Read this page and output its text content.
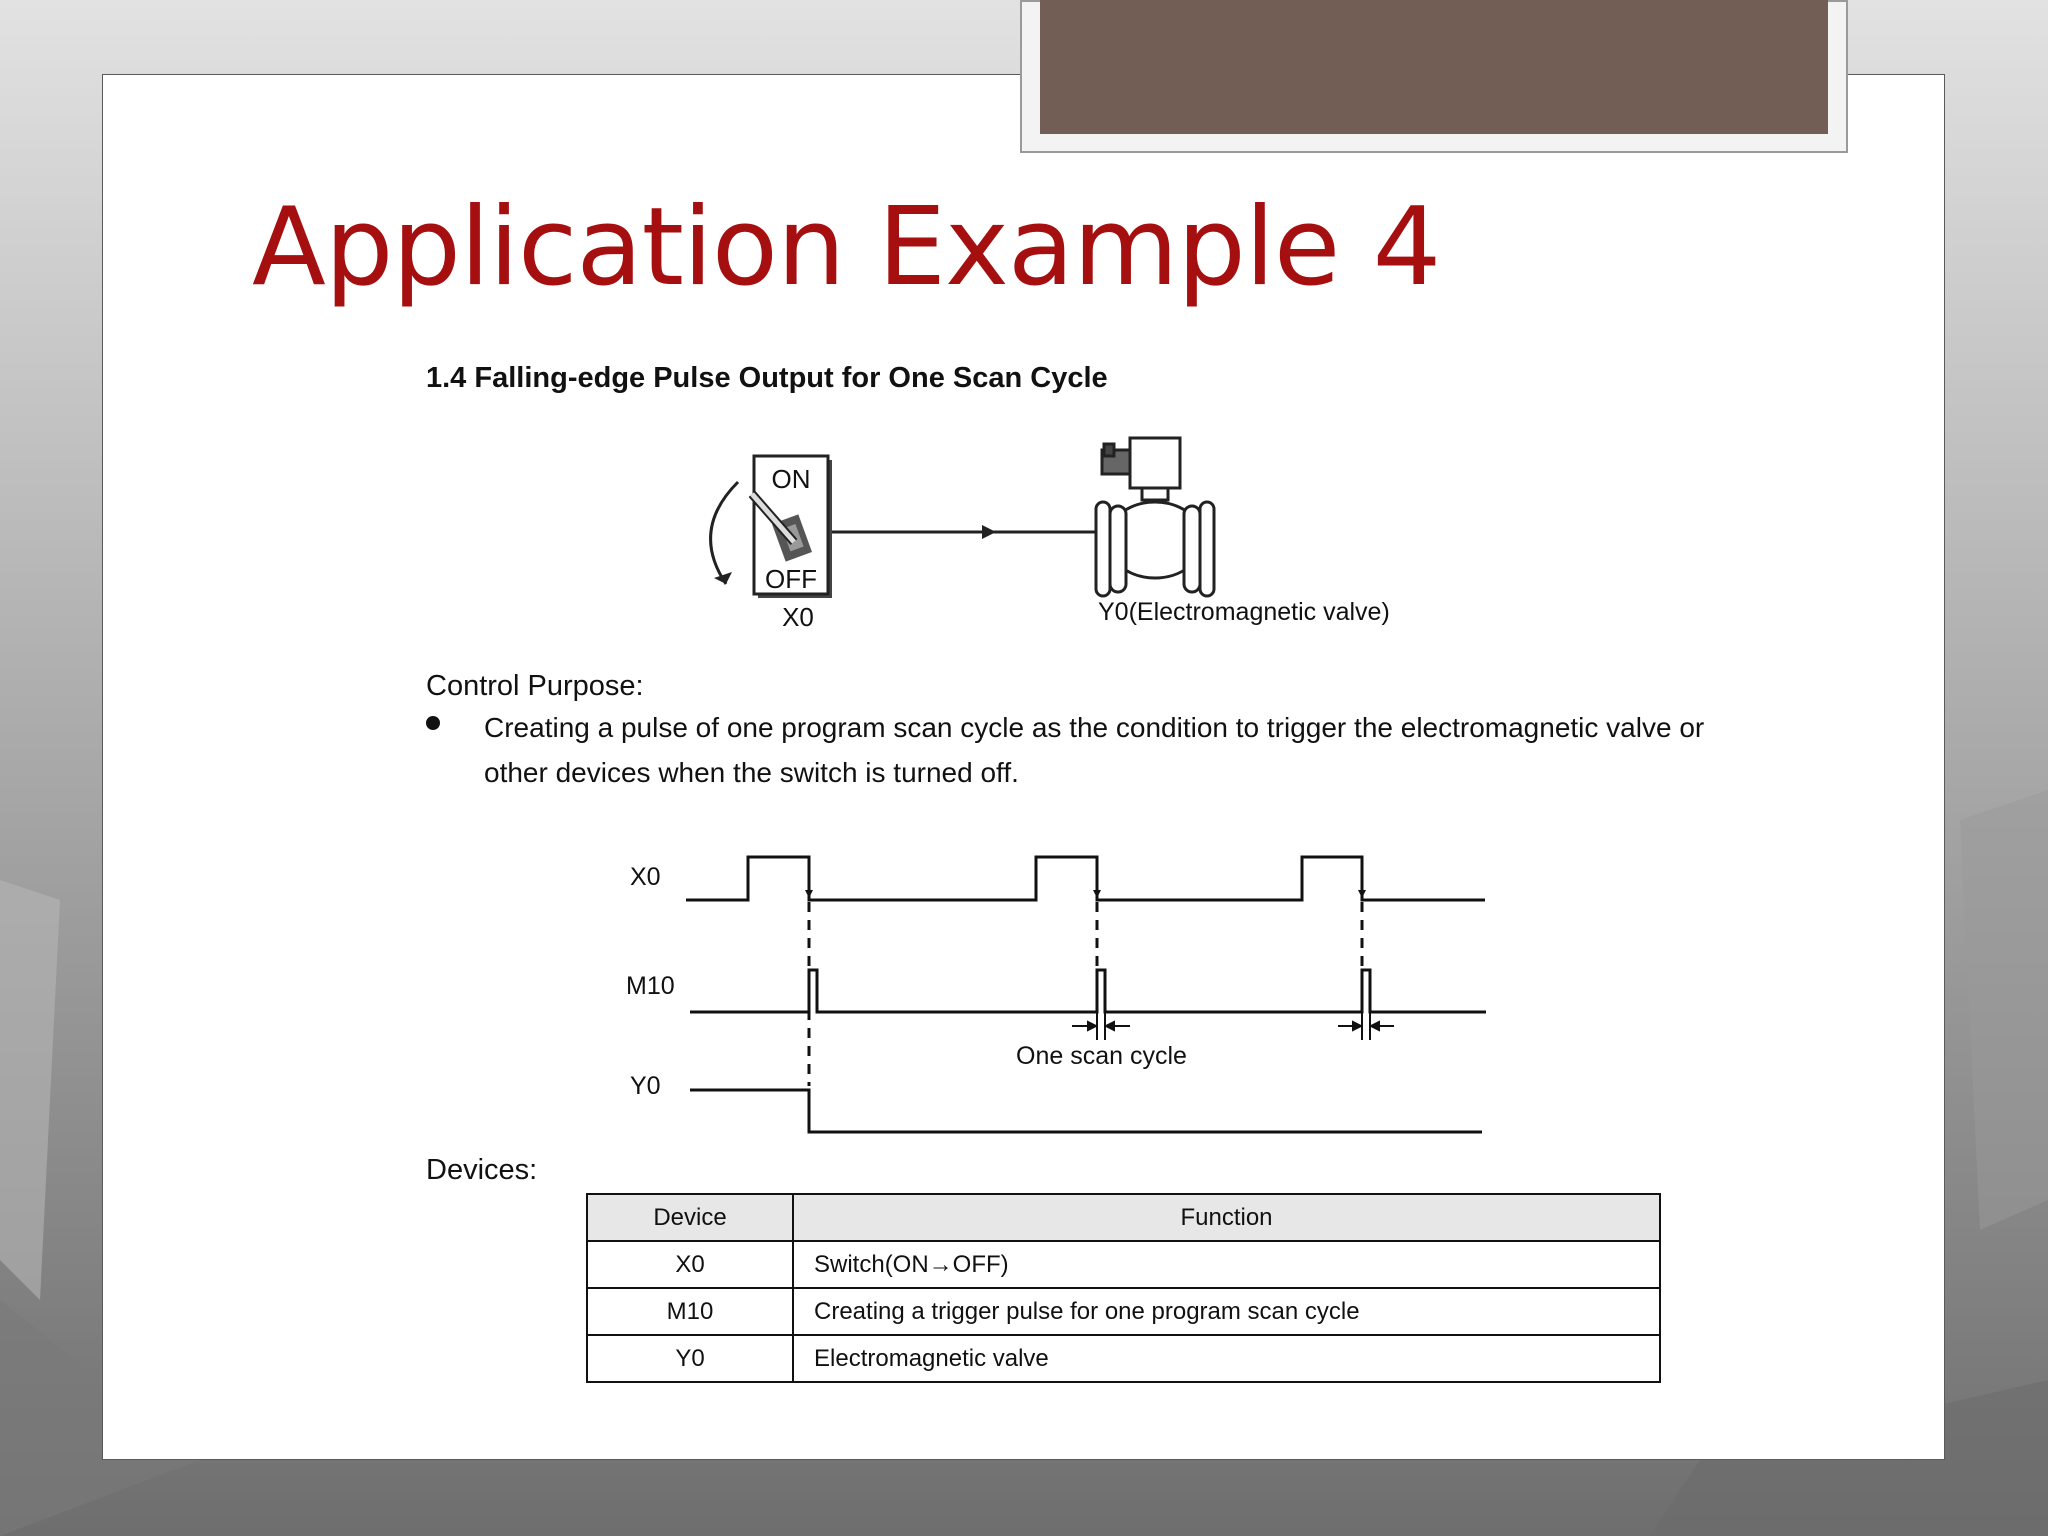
Application Example 4
1.4 Falling-edge Pulse Output for One Scan Cycle
ON
OFF
X0	Y0(Electromagnetic valve)
Control Purpose:
Creating a pulse of one program scan cycle as the condition to trigger the electromagnetic valve or
other devices when the switch is turned off.
X0
M10
Y0
One scan cycle
Devices:
Device	Function
X0	Switch(ON→OFF)
M10	Creating a trigger pulse for one program scan cycle
Y0	Electromagnetic valve
